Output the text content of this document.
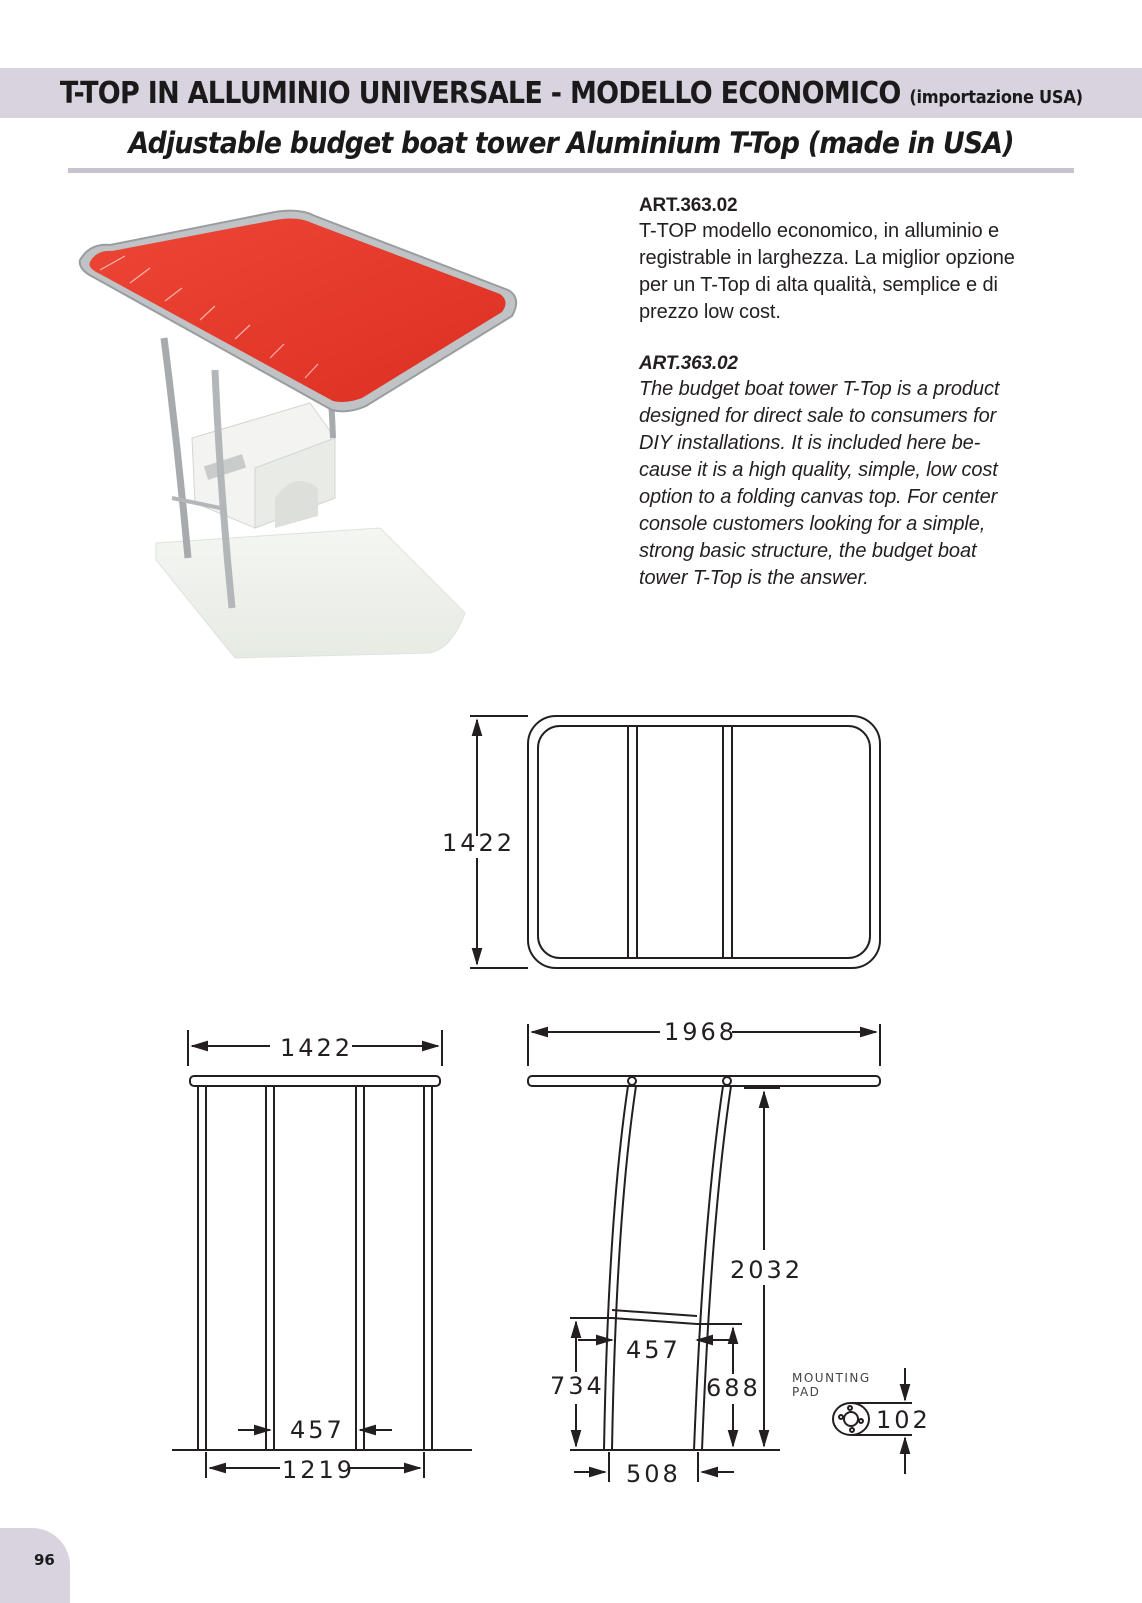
T-TOP IN ALLUMINIO UNIVERSALE - MODELLO ECONOMICO (importazione USA)
Adjustable budget boat tower Aluminium T-Top (made in USA)
ART.363.02

T-TOP modello economico, in alluminio e

registrable in larghezza. La miglior opzione

per un T-Top di alta qualità, semplice e di

prezzo low cost.

ART.363.02

The budget boat tower T-Top is a product

designed for direct sale to consumers for

DIY installations. It is included here be-

cause it is a high quality, simple, low cost

option to a folding canvas top. For center

console customers looking for a simple,

strong basic structure, the budget boat

tower T-Top is the answer.

1422
1422
457
1219
1968
2032
734	688
457
508
MOUNTING
PAD
102
96
